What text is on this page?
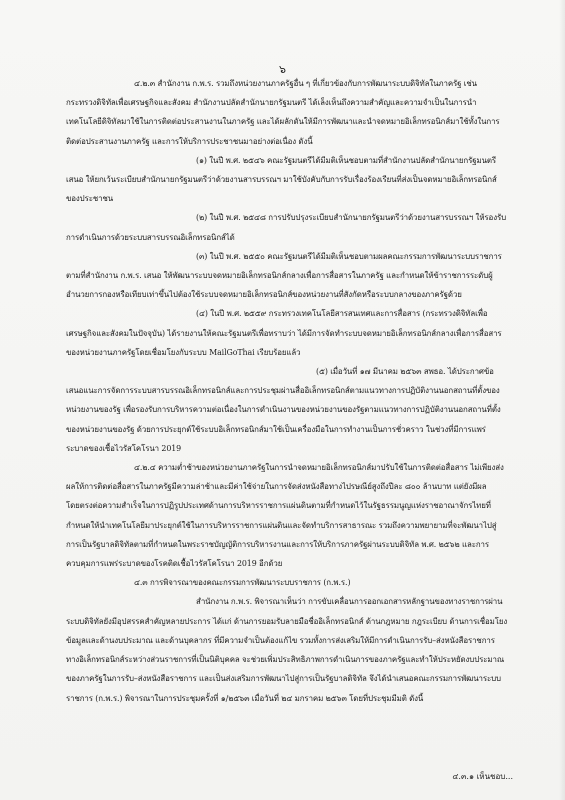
๖

๔.๒.๓ สำนักงาน ก.พ.ร. รวมถึงหน่วยงานภาครัฐอื่น ๆ ที่เกี่ยวข้องกับการพัฒนาระบบดิจิทัลในภาครัฐ เช่น กระทรวงดิจิทัลเพื่อเศรษฐกิจและสังคม สำนักงานปลัดสำนักนายกรัฐมนตรี ได้เล็งเห็นถึงความสำคัญและความจำเป็นในการนำเทคโนโลยีดิจิทัลมาใช้ในการติดต่อประสานงานในภาครัฐ และได้ผลักดันให้มีการพัฒนาและนำจดหมายอิเล็กทรอนิกส์มาใช้ทั้งในการติดต่อประสานงานภาครัฐ และการให้บริการประชาชนมาอย่างต่อเนื่อง ดังนี้

(๑) ในปี พ.ศ. ๒๕๔๖ คณะรัฐมนตรีได้มีมติเห็นชอบตามที่สำนักงานปลัดสำนักนายกรัฐมนตรีเสนอ ให้ยกเว้นระเบียบสำนักนายกรัฐมนตรีว่าด้วยงานสารบรรณฯ มาใช้บังคับกับการรับเรื่องร้องเรียนที่ส่งเป็นจดหมายอิเล็กทรอนิกส์ของประชาชน

(๒) ในปี พ.ศ. ๒๕๔๘ การปรับปรุงระเบียบสำนักนายกรัฐมนตรีว่าด้วยงานสารบรรณฯ ให้รองรับการดำเนินการด้วยระบบสารบรรณอิเล็กทรอนิกส์ได้

(๓) ในปี พ.ศ. ๒๕๕๐ คณะรัฐมนตรีได้มีมติเห็นชอบตามผลคณะกรรมการพัฒนาระบบราชการตามที่สำนักงาน ก.พ.ร. เสนอ ให้พัฒนาระบบจดหมายอิเล็กทรอนิกส์กลางเพื่อการสื่อสารในภาครัฐ และกำหนดให้ข้าราชการระดับผู้อำนวยการกองหรือเทียบเท่าขึ้นไปต้องใช้ระบบจดหมายอิเล็กทรอนิกส์ของหน่วยงานที่สังกัดหรือระบบกลางของภาครัฐด้วย

(๔) ในปี พ.ศ. ๒๕๕๙ กระทรวงเทคโนโลยีสารสนเทศและการสื่อสาร (กระทรวงดิจิทัลเพื่อเศรษฐกิจและสังคมในปัจจุบัน) ได้รายงานให้คณะรัฐมนตรีเพื่อทราบว่า ได้มีการจัดทำระบบจดหมายอิเล็กทรอนิกส์กลางเพื่อการสื่อสารของหน่วยงานภาครัฐโดยเชื่อมโยงกับระบบ MailGoThai เรียบร้อยแล้ว

(๕) เมื่อวันที่ ๑๗ มีนาคม ๒๕๖๓ สพธอ. ได้ประกาศข้อเสนอแนะการจัดการระบบสารบรรณอิเล็กทรอนิกส์และการประชุมผ่านสื่ออิเล็กทรอนิกส์ตามแนวทางการปฏิบัติงานนอกสถานที่ตั้งของหน่วยงานของรัฐ เพื่อรองรับการบริหารความต่อเนื่องในการดำเนินงานของหน่วยงานของรัฐตามแนวทางการปฏิบัติงานนอกสถานที่ตั้งของหน่วยงานของรัฐ ด้วยการประยุกต์ใช้ระบบอิเล็กทรอนิกส์มาใช้เป็นเครื่องมือในการทำงานเป็นการชั่วคราว ในช่วงที่มีการแพร่ระบาดของเชื้อไวรัสโคโรนา 2019

๔.๒.๔ ความต่ำช้าของหน่วยงานภาครัฐในการนำจดหมายอิเล็กทรอนิกส์มาปรับใช้ในการติดต่อสื่อสาร ไม่เพียงส่งผลให้การติดต่อสื่อสารในภาครัฐมีความล่าช้าและมีค่าใช้จ่ายในการจัดส่งหนังสือทางไปรษณีย์สูงถึงปีละ ๘๐๐ ล้านบาท แต่ยังมีผลโดยตรงต่อความสำเร็จในการปฏิรูปประเทศด้านการบริหารราชการแผ่นดินตามที่กำหนดไว้ในรัฐธรรมนูญแห่งราชอาณาจักรไทยที่กำหนดให้นำเทคโนโลยีมาประยุกต์ใช้ในการบริหารราชการแผ่นดินและจัดทำบริการสาธารณะ รวมถึงความพยายามที่จะพัฒนาไปสู่การเป็นรัฐบาลดิจิทัลตามที่กำหนดในพระราชบัญญัติการบริหารงานและการให้บริการภาครัฐผ่านระบบดิจิทัล พ.ศ. ๒๕๖๒ และการควบคุมการแพร่ระบาดของโรคติดเชื้อไวรัสโคโรนา 2019 อีกด้วย

๔.๓ การพิจารณาของคณะกรรมการพัฒนาระบบราชการ (ก.พ.ร.)

สำนักงาน ก.พ.ร. พิจารณาเห็นว่า การขับเคลื่อนการออกเอกสารหลักฐานของทางราชการผ่านระบบดิจิทัลยังมีอุปสรรคสำคัญหลายประการ ได้แก่ ด้านการยอมรับลายมือชื่ออิเล็กทรอนิกส์ ด้านกฎหมาย กฎระเบียบ ด้านการเชื่อมโยงข้อมูลและด้านงบประมาณ และด้านบุคลากร ที่มีความจำเป็นต้องแก้ไข รวมทั้งการส่งเสริมให้มีการดำเนินการรับ–ส่งหนังสือราชการทางอิเล็กทรอนิกส์ระหว่างส่วนราชการที่เป็นนิติบุคคล จะช่วยเพิ่มประสิทธิภาพการดำเนินการของภาครัฐและทำให้ประหยัดงบประมาณของภาครัฐในการรับ–ส่งหนังสือราชการ และเป็นส่งเสริมการพัฒนาไปสู่การเป็นรัฐบาลดิจิทัล จึงได้นำเสนอคณะกรรมการพัฒนาระบบราชการ (ก.พ.ร.) พิจารณาในการประชุมครั้งที่ ๑/๒๕๖๓ เมื่อวันที่ ๒๔ มกราคม ๒๕๖๓ โดยที่ประชุมมีมติ ดังนี้

๔.๓.๑ เห็นชอบ...
